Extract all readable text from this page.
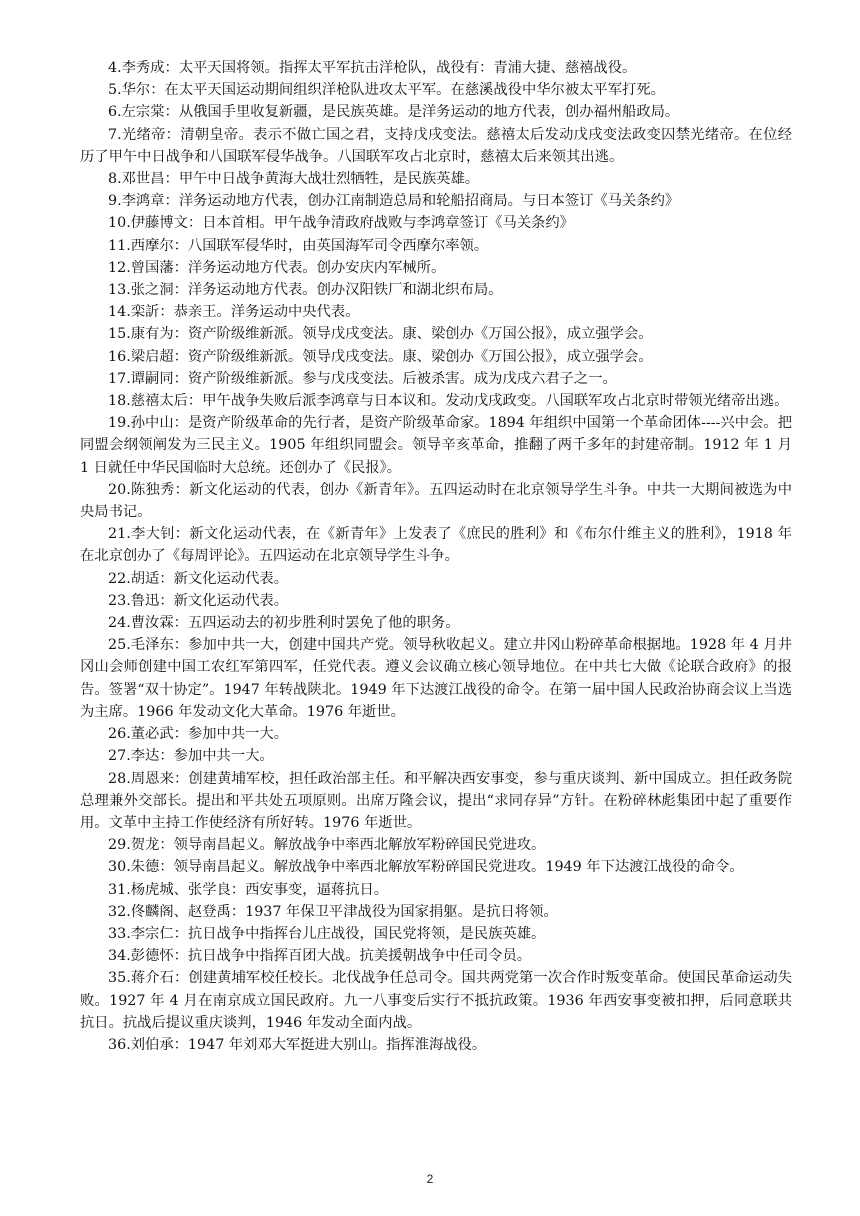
4.李秀成：太平天国将领。指挥太平军抗击洋枪队，战役有：青浦大捷、慈禧战役。

5.华尔：在太平天国运动期间组织洋枪队进攻太平军。在慈溪战役中华尔被太平军打死。

6.左宗棠：从俄国手里收复新疆，是民族英雄。是洋务运动的地方代表，创办福州船政局。

7.光绪帝：清朝皇帝。表示不做亡国之君，支持戊戌变法。慈禧太后发动戊戌变法政变囚禁光绪帝。在位经历了甲午中日战争和八国联军侵华战争。八国联军攻占北京时，慈禧太后来领其出逃。

8.邓世昌：甲午中日战争黄海大战壮烈牺牲，是民族英雄。

9.李鸿章：洋务运动地方代表，创办江南制造总局和轮船招商局。与日本签订《马关条约》

10.伊藤博文：日本首相。甲午战争清政府战败与李鸿章签订《马关条约》

11.西摩尔：八国联军侵华时，由英国海军司令西摩尔率领。

12.曾国藩：洋务运动地方代表。创办安庆内军械所。

13.张之洞：洋务运动地方代表。创办汉阳铁厂和湖北织布局。

14.栾訢：恭亲王。洋务运动中央代表。

15.康有为：资产阶级维新派。领导戊戌变法。康、梁创办《万国公报》，成立强学会。

16.梁启超：资产阶级维新派。领导戊戌变法。康、梁创办《万国公报》，成立强学会。

17.谭嗣同：资产阶级维新派。参与戊戌变法。后被杀害。成为戊戌六君子之一。

18.慈禧太后：甲午战争失败后派李鸿章与日本议和。发动戊戌政变。八国联军攻占北京时带领光绪帝出逃。

19.孙中山：是资产阶级革命的先行者，是资产阶级革命家。1894 年组织中国第一个革命团体----兴中会。把同盟会纲领阐发为三民主义。1905 年组织同盟会。领导辛亥革命，推翻了两千多年的封建帝制。1912 年 1 月 1 日就任中华民国临时大总统。还创办了《民报》。

20.陈独秀：新文化运动的代表，创办《新青年》。五四运动时在北京领导学生斗争。中共一大期间被选为中央局书记。

21.李大钊：新文化运动代表，在《新青年》上发表了《庶民的胜利》和《布尔什维主义的胜利》，1918 年在北京创办了《每周评论》。五四运动在北京领导学生斗争。

22.胡适：新文化运动代表。

23.鲁迅：新文化运动代表。

24.曹汝霖：五四运动去的初步胜利时罢免了他的职务。

25.毛泽东：参加中共一大，创建中国共产党。领导秋收起义。建立井冈山粉碎革命根据地。1928 年 4 月井冈山会师创建中国工农红军第四军，任党代表。遵义会议确立核心领导地位。在中共七大做《论联合政府》的报告。签署“双十协定”。1947 年转战陕北。1949 年下达渡江战役的命令。在第一届中国人民政治协商会议上当选为主席。1966 年发动文化大革命。1976 年逝世。

26.董必武：参加中共一大。

27.李达：参加中共一大。

28.周恩来：创建黄埔军校，担任政治部主任。和平解决西安事变，参与重庆谈判、新中国成立。担任政务院总理兼外交部长。提出和平共处五项原则。出席万隆会议，提出“求同存异”方针。在粉碎林彪集团中起了重要作用。文革中主持工作使经济有所好转。1976 年逝世。

29.贺龙：领导南昌起义。解放战争中率西北解放军粉碎国民党进攻。

30.朱德：领导南昌起义。解放战争中率西北解放军粉碎国民党进攻。1949 年下达渡江战役的命令。

31.杨虎城、张学良：西安事变，逼蒋抗日。

32.佟麟阁、赵登禹：1937 年保卫平津战役为国家捐躯。是抗日将领。

33.李宗仁：抗日战争中指挥台儿庄战役，国民党将领，是民族英雄。

34.彭德怀：抗日战争中指挥百团大战。抗美援朝战争中任司令员。

35.蒋介石：创建黄埔军校任校长。北伐战争任总司令。国共两党第一次合作时叛变革命。使国民革命运动失败。1927 年 4 月在南京成立国民政府。九一八事变后实行不抵抗政策。1936 年西安事变被扣押，后同意联共抗日。抗战后提议重庆谈判，1946 年发动全面内战。

36.刘伯承：1947 年刘邓大军挺进大别山。指挥淮海战役。

2
